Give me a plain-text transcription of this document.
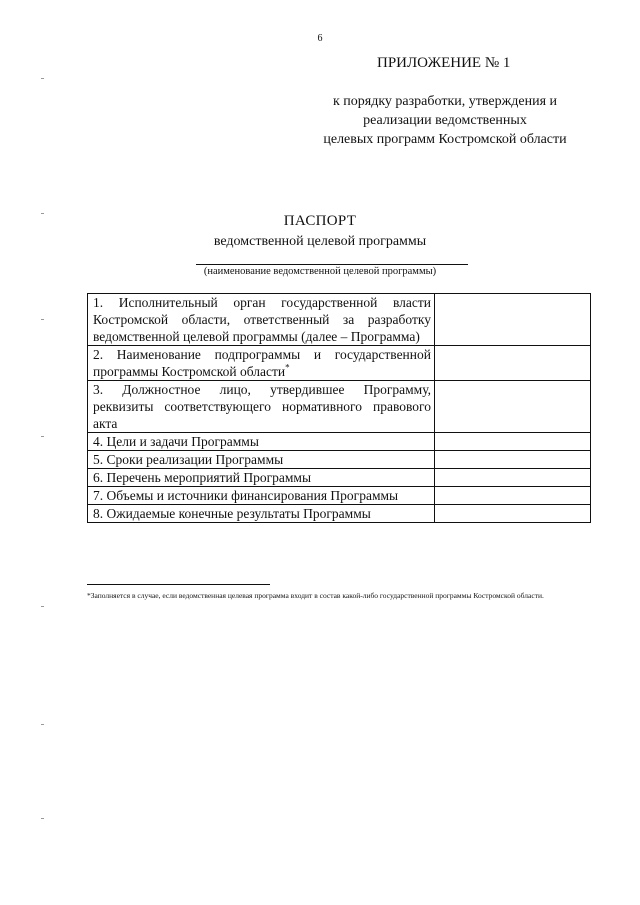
6
ПРИЛОЖЕНИЕ № 1
к порядку разработки, утверждения и
реализации ведомственных
целевых программ Костромской области
ПАСПОРТ
ведомственной целевой программы
(наименование ведомственной целевой программы)
1. Исполнительный орган государственной власти Костромской области, ответственный за разработку ведомственной целевой программы (далее – Программа)	
2. Наименование подпрограммы и государственной программы Костромской области*	
3. Должностное лицо, утвердившее Программу, реквизиты соответствующего нормативного правового акта	
4. Цели и задачи Программы	
5. Сроки реализации Программы	
6. Перечень мероприятий Программы	
7. Объемы и источники финансирования Программы	
8. Ожидаемые конечные результаты Программы	
*Заполняется в случае, если ведомственная целевая программа входит в состав какой-либо государственной программы Костромской области.
